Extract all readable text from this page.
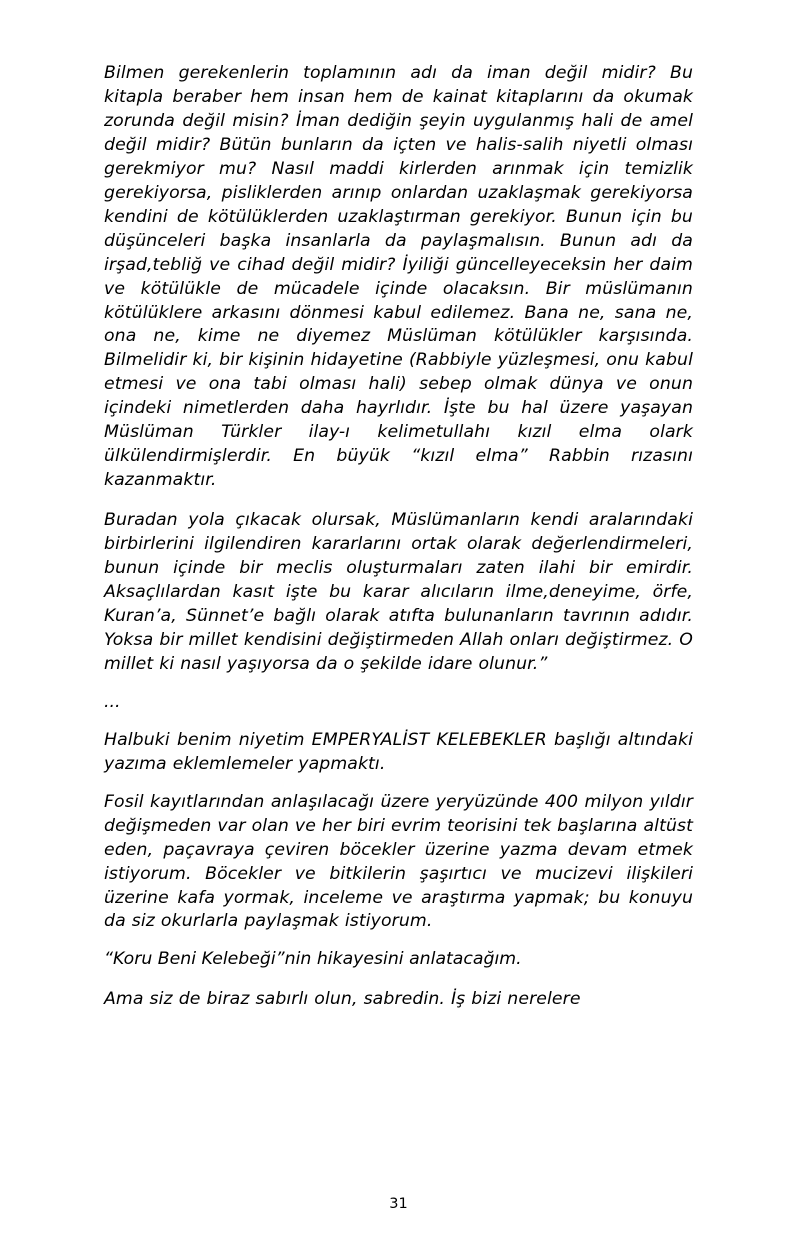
Bilmen gerekenlerin toplamının adı da iman değil midir? Bu kitapla beraber hem insan hem de kainat kitaplarını da okumak zorunda değil misin? İman dediğin şeyin uygulanmış hali de amel değil midir? Bütün bunların da içten ve halis-salih niyetli olması gerekmiyor mu? Nasıl maddi kirlerden arınmak için temizlik gerekiyorsa, pisliklerden arınıp onlardan uzaklaşmak gerekiyorsa kendini de kötülüklerden uzaklaştırman gerekiyor. Bunun için bu düşünceleri başka insanlarla da paylaşmalısın. Bunun adı da irşad,tebliğ ve cihad değil midir? İyiliği güncelleyeceksin her daim ve kötülükle de mücadele içinde olacaksın. Bir müslümanın kötülüklere arkasını dönmesi kabul edilemez. Bana ne, sana ne, ona ne, kime ne diyemez Müslüman kötülükler karşısında. Bilmelidir ki, bir kişinin hidayetine (Rabbiyle yüzleşmesi, onu kabul etmesi ve ona tabi olması hali) sebep olmak dünya ve onun içindeki nimetlerden daha hayrlıdır. İşte bu hal üzere yaşayan Müslüman Türkler ilay-ı kelimetullahı kızıl elma olark ülkülendirmişlerdir. En büyük “kızıl elma” Rabbin rızasını kazanmaktır.

Buradan yola çıkacak olursak, Müslümanların kendi aralarındaki birbirlerini ilgilendiren kararlarını ortak olarak değerlendirmeleri, bunun içinde bir meclis oluşturmaları zaten ilahi bir emirdir. Aksaçlılardan kasıt işte bu karar alıcıların ilme,deneyime, örfe, Kuran’a, Sünnet’e bağlı olarak atıfta bulunanların tavrının adıdır. Yoksa bir millet kendisini değiştirmeden Allah onları değiştirmez. O millet ki nasıl yaşıyorsa da o şekilde idare olunur.”

...

Halbuki benim niyetim EMPERYALİST KELEBEKLER başlığı altındaki yazıma eklemlemeler yapmaktı.

Fosil kayıtlarından anlaşılacağı üzere yeryüzünde 400 milyon yıldır değişmeden var olan ve her biri evrim teorisini tek başlarına altüst eden, paçavraya çeviren böcekler üzerine yazma devam etmek istiyorum. Böcekler ve bitkilerin şaşırtıcı ve mucizevi ilişkileri üzerine kafa yormak, inceleme ve araştırma yapmak; bu konuyu da siz okurlarla paylaşmak istiyorum.

“Koru Beni Kelebeği”nin hikayesini anlatacağım.

Ama siz de biraz sabırlı olun, sabredin. İş bizi nerelere

31
